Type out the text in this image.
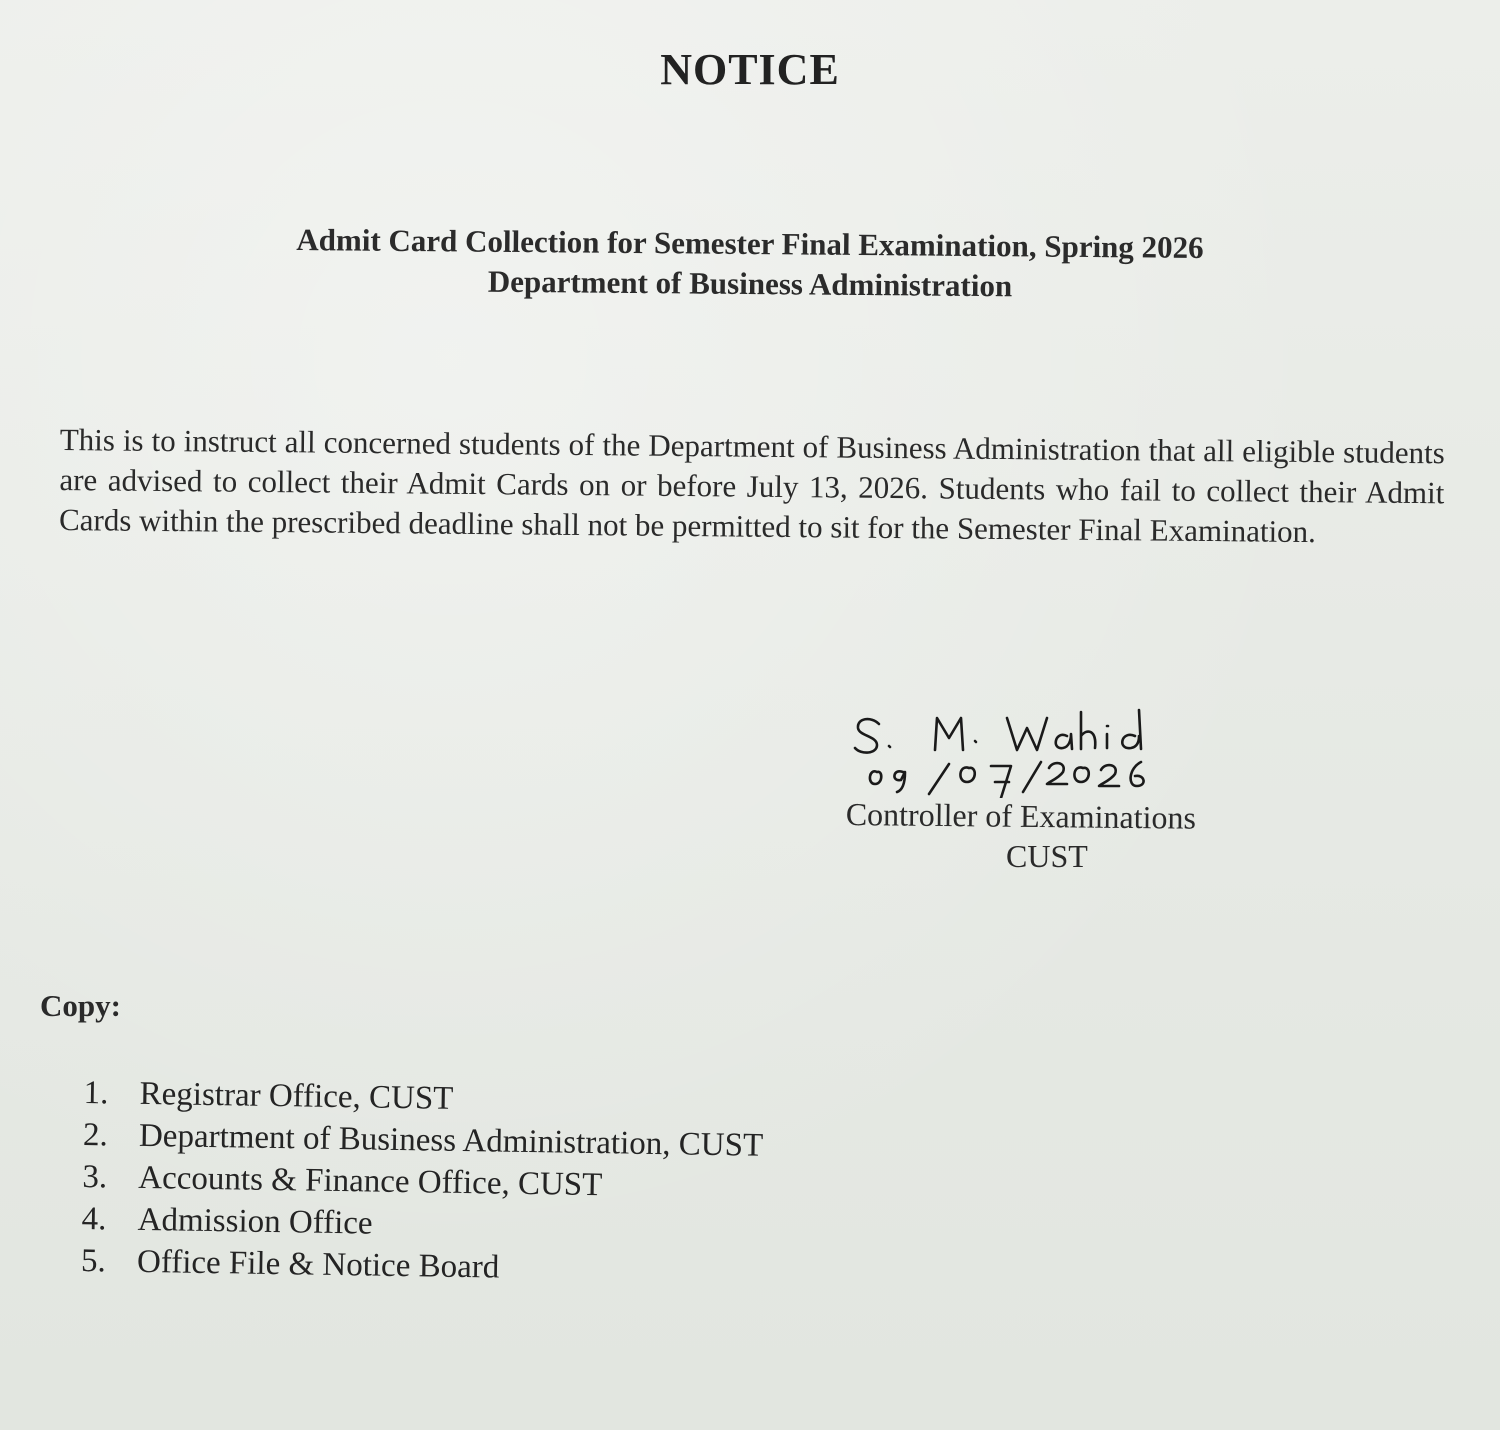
NOTICE
Admit Card Collection for Semester Final Examination, Spring 2026
Department of Business Administration
This is to instruct all concerned students of the Department of Business Administration that all eligible students are advised to collect their Admit Cards on or before July 13, 2026. Students who fail to collect their Admit Cards within the prescribed deadline shall not be permitted to sit for the Semester Final Examination.
Controller of Examinations
CUST
Copy:
1. Registrar Office, CUST
2. Department of Business Administration, CUST
3. Accounts & Finance Office, CUST
4. Admission Office
5. Office File & Notice Board
